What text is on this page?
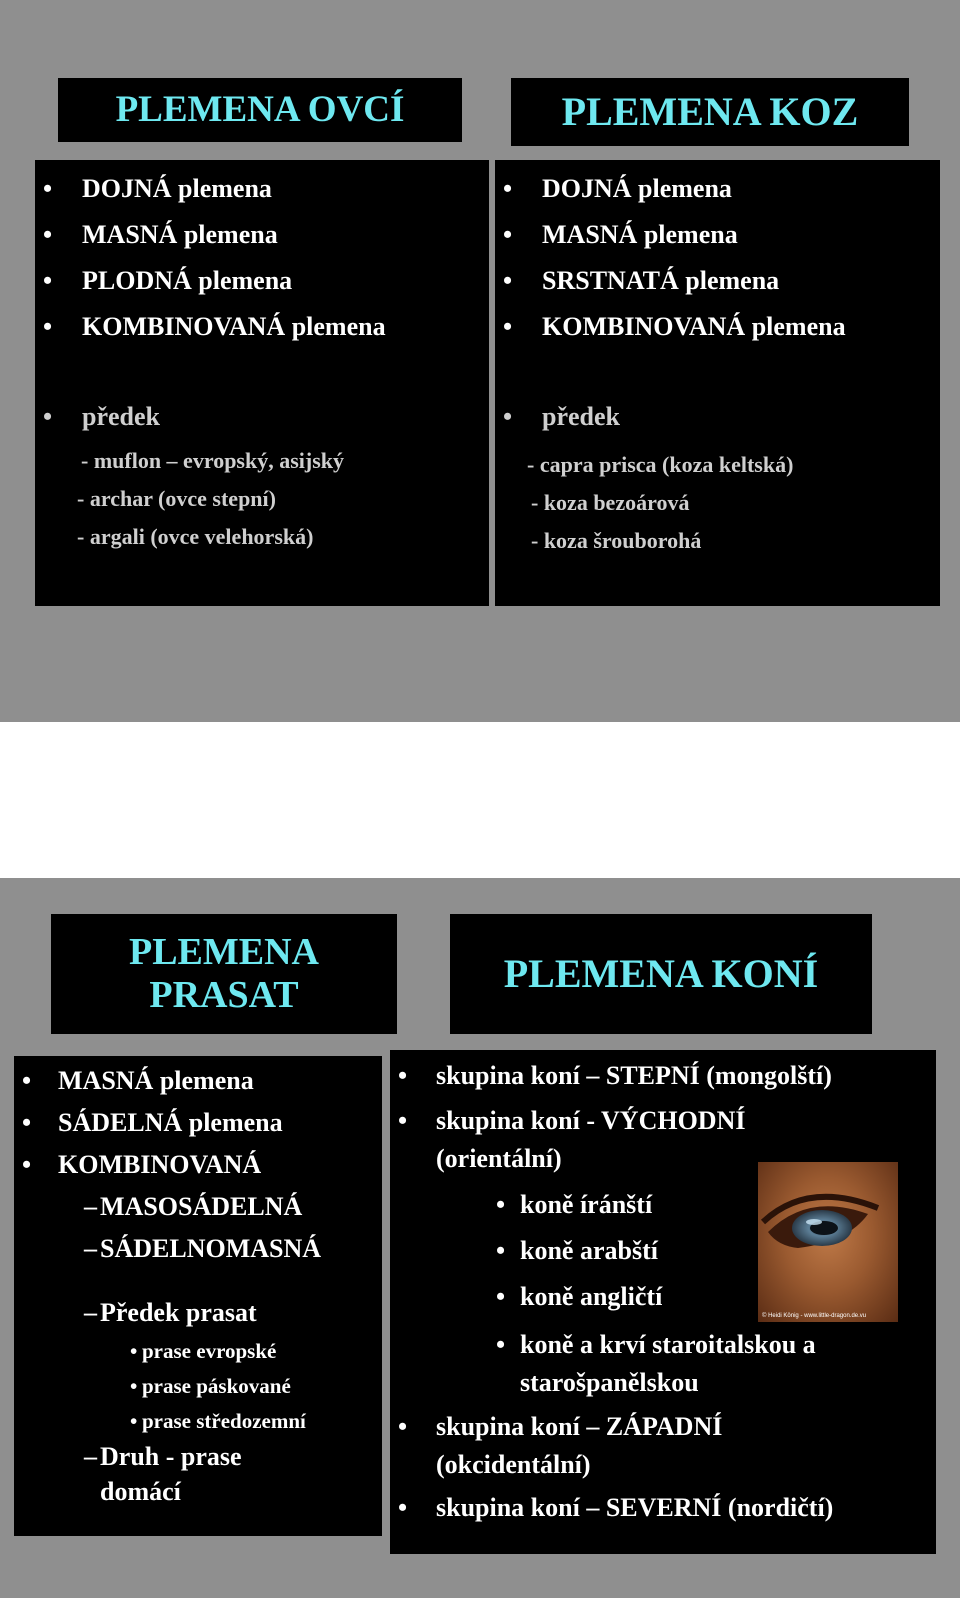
PLEMENA OVCÍ
• DOJNÁ plemena
• MASNÁ plemena
• PLODNÁ plemena
• KOMBINOVANÁ plemena
• předek
- muflon – evropský, asijský
- archar (ovce stepní)
- argali (ovce velehorská)
PLEMENA KOZ
• DOJNÁ plemena
• MASNÁ plemena
• SRSTNATÁ plemena
• KOMBINOVANÁ plemena
• předek
- capra prisca (koza keltská)
- koza bezoárová
- koza šrouborohá
PLEMENA
PRASAT
• MASNÁ plemena
• SÁDELNÁ plemena
• KOMBINOVANÁ
– MASOSÁDELNÁ
– SÁDELNOMASNÁ
– Předek prasat
• prase evropské
• prase páskované
• prase středozemní
– Druh - prase domácí
PLEMENA KONÍ
• skupina koní – STEPNÍ (mongolští)
• skupina koní - VÝCHODNÍ (orientální)
• koně íránští
• koně arabští
• koně angličtí
• koně a krví staroitalskou a starošpanělskou
• skupina koní – ZÁPADNÍ (okcidentální)
• skupina koní – SEVERNÍ (nordičtí)
© Heidi König - www.little-dragon.de.vu
